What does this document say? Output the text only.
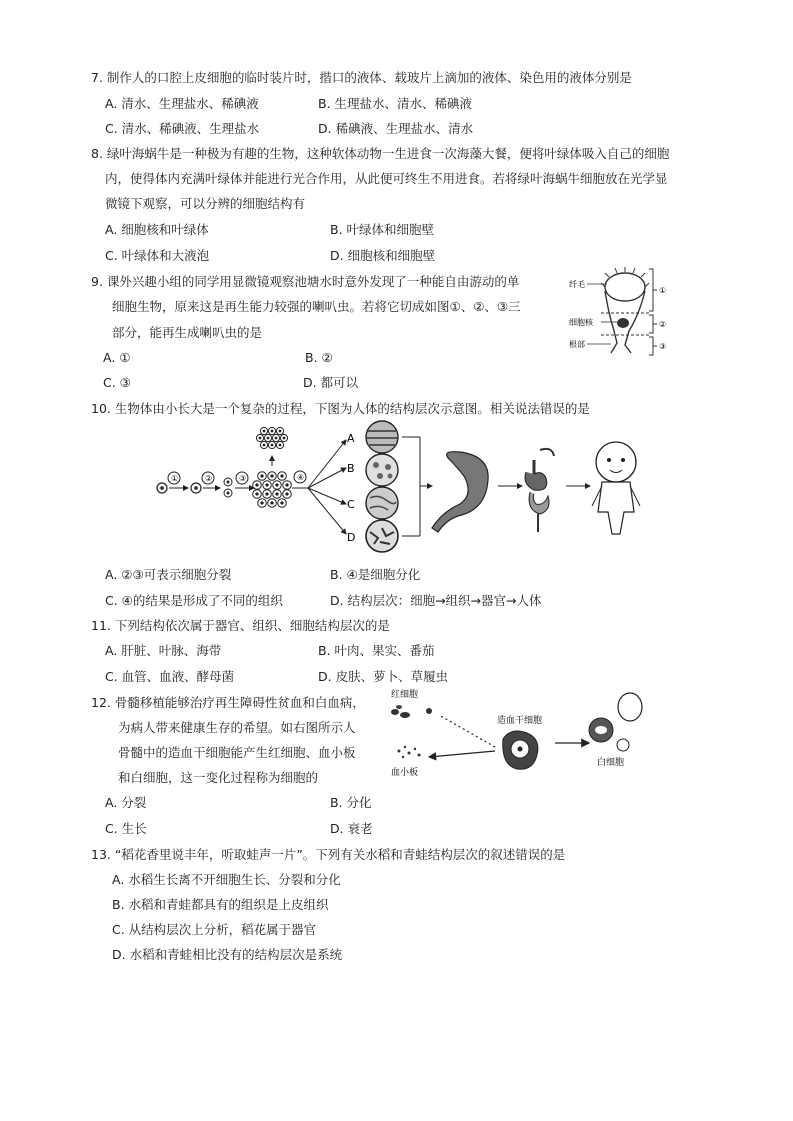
7. 制作人的口腔上皮细胞的临时装片时，揩口的液体、载玻片上滴加的液体、染色用的液体分别是
A. 清水、生理盐水、稀碘液	B. 生理盐水、清水、稀碘液
C. 清水、稀碘液、生理盐水	D. 稀碘液、生理盐水、清水
8. 绿叶海蜗牛是一种极为有趣的生物，这种软体动物一生进食一次海藻大餐，便将叶绿体吸入自己的细胞
内，使得体内充满叶绿体并能进行光合作用，从此便可终生不用进食。若将绿叶海蜗牛细胞放在光学显
微镜下观察，可以分辨的细胞结构有
A. 细胞核和叶绿体	B. 叶绿体和细胞壁
C. 叶绿体和大液泡	D. 细胞核和细胞壁
9. 课外兴趣小组的同学用显微镜观察池塘水时意外发现了一种能自由游动的单
细胞生物，原来这是再生能力较强的喇叭虫。若将它切成如图①、②、③三
部分，能再生成喇叭虫的是
A. ①	B. ②
C. ③	D. 都可以
①
②
③
纤毛
细胞核
根部
10. 生物体由小长大是一个复杂的过程，下图为人体的结构层次示意图。相关说法错误的是
①	②	③	④
A
B
C
D
A. ②③可表示细胞分裂	B. ④是细胞分化
C. ④的结果是形成了不同的组织	D. 结构层次：细胞→组织→器官→人体
11. 下列结构依次属于器官、组织、细胞结构层次的是
A. 肝脏、叶脉、海带	B. 叶肉、果实、番茄
C. 血管、血液、酵母菌	D. 皮肤、萝卜、草履虫
12. 骨髓移植能够治疗再生障碍性贫血和白血病，
为病人带来健康生存的希望。如右图所示人
骨髓中的造血干细胞能产生红细胞、血小板
和白细胞，这一变化过程称为细胞的
A. 分裂	B. 分化
C. 生长	D. 衰老
红细胞
血小板
造血干细胞
白细胞
13. “稻花香里说丰年，听取蛙声一片”。下列有关水稻和青蛙结构层次的叙述错误的是
A. 水稻生长离不开细胞生长、分裂和分化
B. 水稻和青蛙都具有的组织是上皮组织
C. 从结构层次上分析，稻花属于器官
D. 水稻和青蛙相比没有的结构层次是系统
